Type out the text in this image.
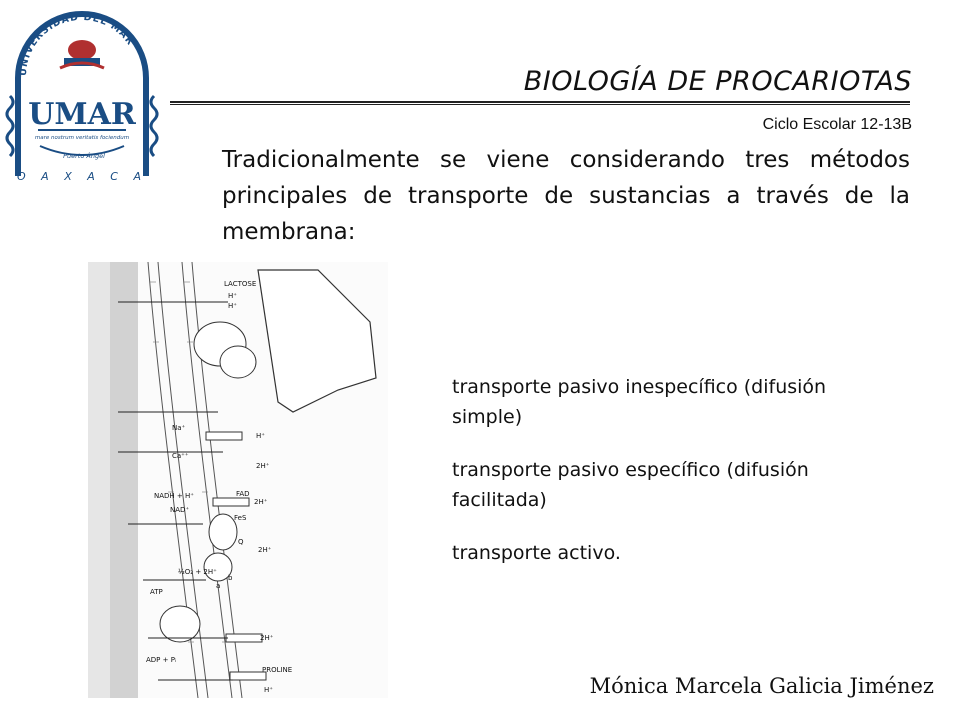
UNIVERSIDAD DEL MAR
UMAR
mare nostrum veritatis fociendum
Puerto Ángel
O A X A C A
BIOLOGÍA DE PROCARIOTAS
Ciclo Escolar 12-13B
Tradicionalmente se viene considerando tres métodos principales de transporte de sustancias a través de la membrana:
LACTOSE
H⁺
H⁺
Na⁺
H⁺
Ca⁺⁺
2H⁺
FAD
NADH + H⁺
2H⁺
NAD⁺
FeS
Q
2H⁺
½O₂ + 2H⁺
b
a
ATP
2H⁺
ADP + Pᵢ
PROLINE
H⁺
transporte pasivo inespecífico (difusión simple)
transporte pasivo específico (difusión facilitada)
transporte activo.
Mónica Marcela Galicia Jiménez
